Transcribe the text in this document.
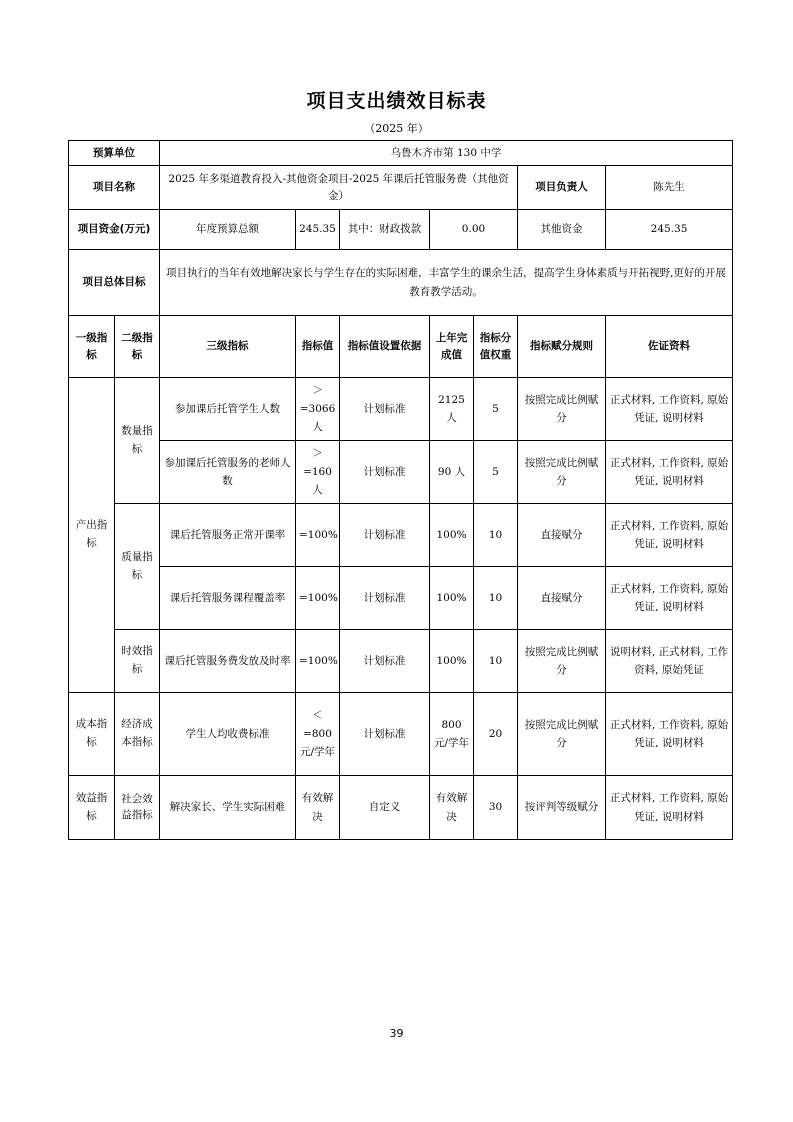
项目支出绩效目标表
（2025 年）
预算单位		乌鲁木齐市第 130 中学						
项目名称		2025 年多渠道教育投入-其他资金项目-2025 年课后托管服务费（其他资金）					项目负责人	陈先生
项目资金(万元)		年度预算总额	245.35	其中：财政拨款	0.00		其他资金	245.35
项目总体目标		项目执行的当年有效地解决家长与学生存在的实际困难，丰富学生的课余生活，提高学生身体素质与开拓视野,更好的开展教育教学活动。						
一级指标	二级指标	三级指标	指标值	指标值设置依据	上年完成值	指标分值权重	指标赋分规则	佐证资料
产出指标	数量指标	参加课后托管学生人数	＞=3066人	计划标准	2125人	5	按照完成比例赋分	正式材料, 工作资料, 原始凭证, 说明材料
		参加课后托管服务的老师人数	＞=160人	计划标准	90 人	5	按照完成比例赋分	正式材料, 工作资料, 原始凭证, 说明材料
	质量指标	课后托管服务正常开课率	=100%	计划标准	100%	10	直接赋分	正式材料, 工作资料, 原始凭证, 说明材料
		课后托管服务课程覆盖率	=100%	计划标准	100%	10	直接赋分	正式材料, 工作资料, 原始凭证, 说明材料
	时效指标	课后托管服务费发放及时率	=100%	计划标准	100%	10	按照完成比例赋分	说明材料, 正式材料, 工作资料, 原始凭证
成本指标	经济成本指标	学生人均收费标准	＜=800元/学年	计划标准	800 元/学年	20	按照完成比例赋分	正式材料, 工作资料, 原始凭证, 说明材料
效益指标	社会效益指标	解决家长、学生实际困难	有效解决	自定义	有效解决	30	按评判等级赋分	正式材料, 工作资料, 原始凭证, 说明材料
39
